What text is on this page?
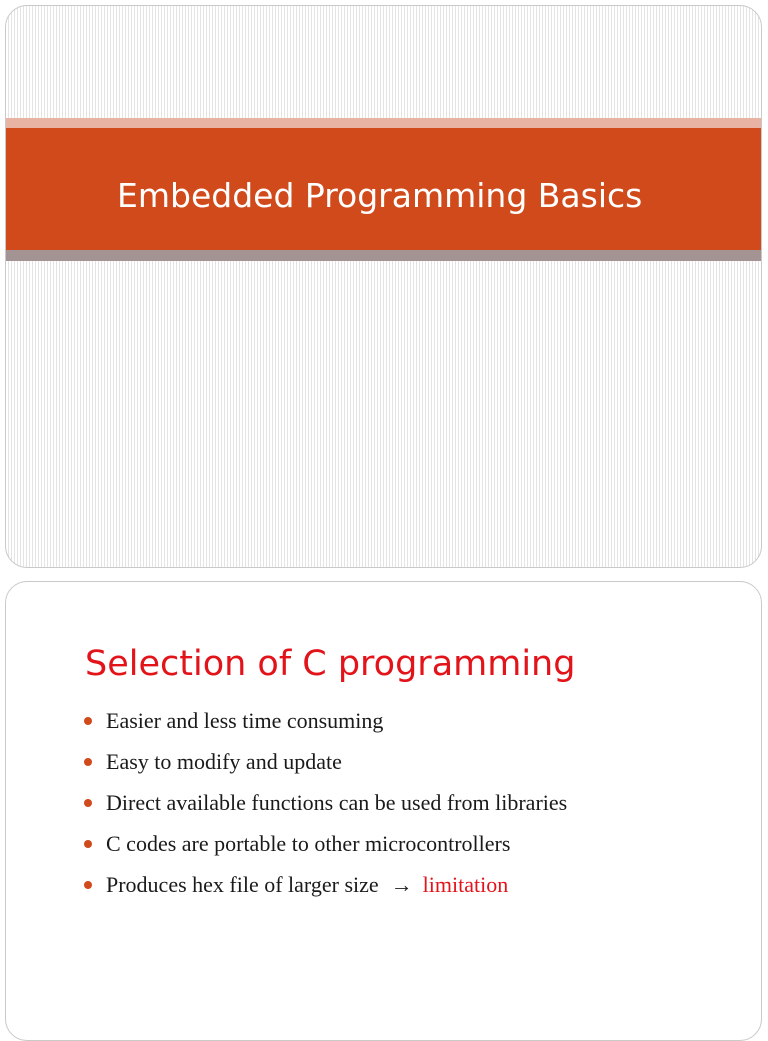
Embedded Programming Basics
Selection of C programming
Easier and less time consuming
Easy to modify and update
Direct available functions can be used from libraries
C codes are portable to other microcontrollers
Produces hex file of larger size → limitation
